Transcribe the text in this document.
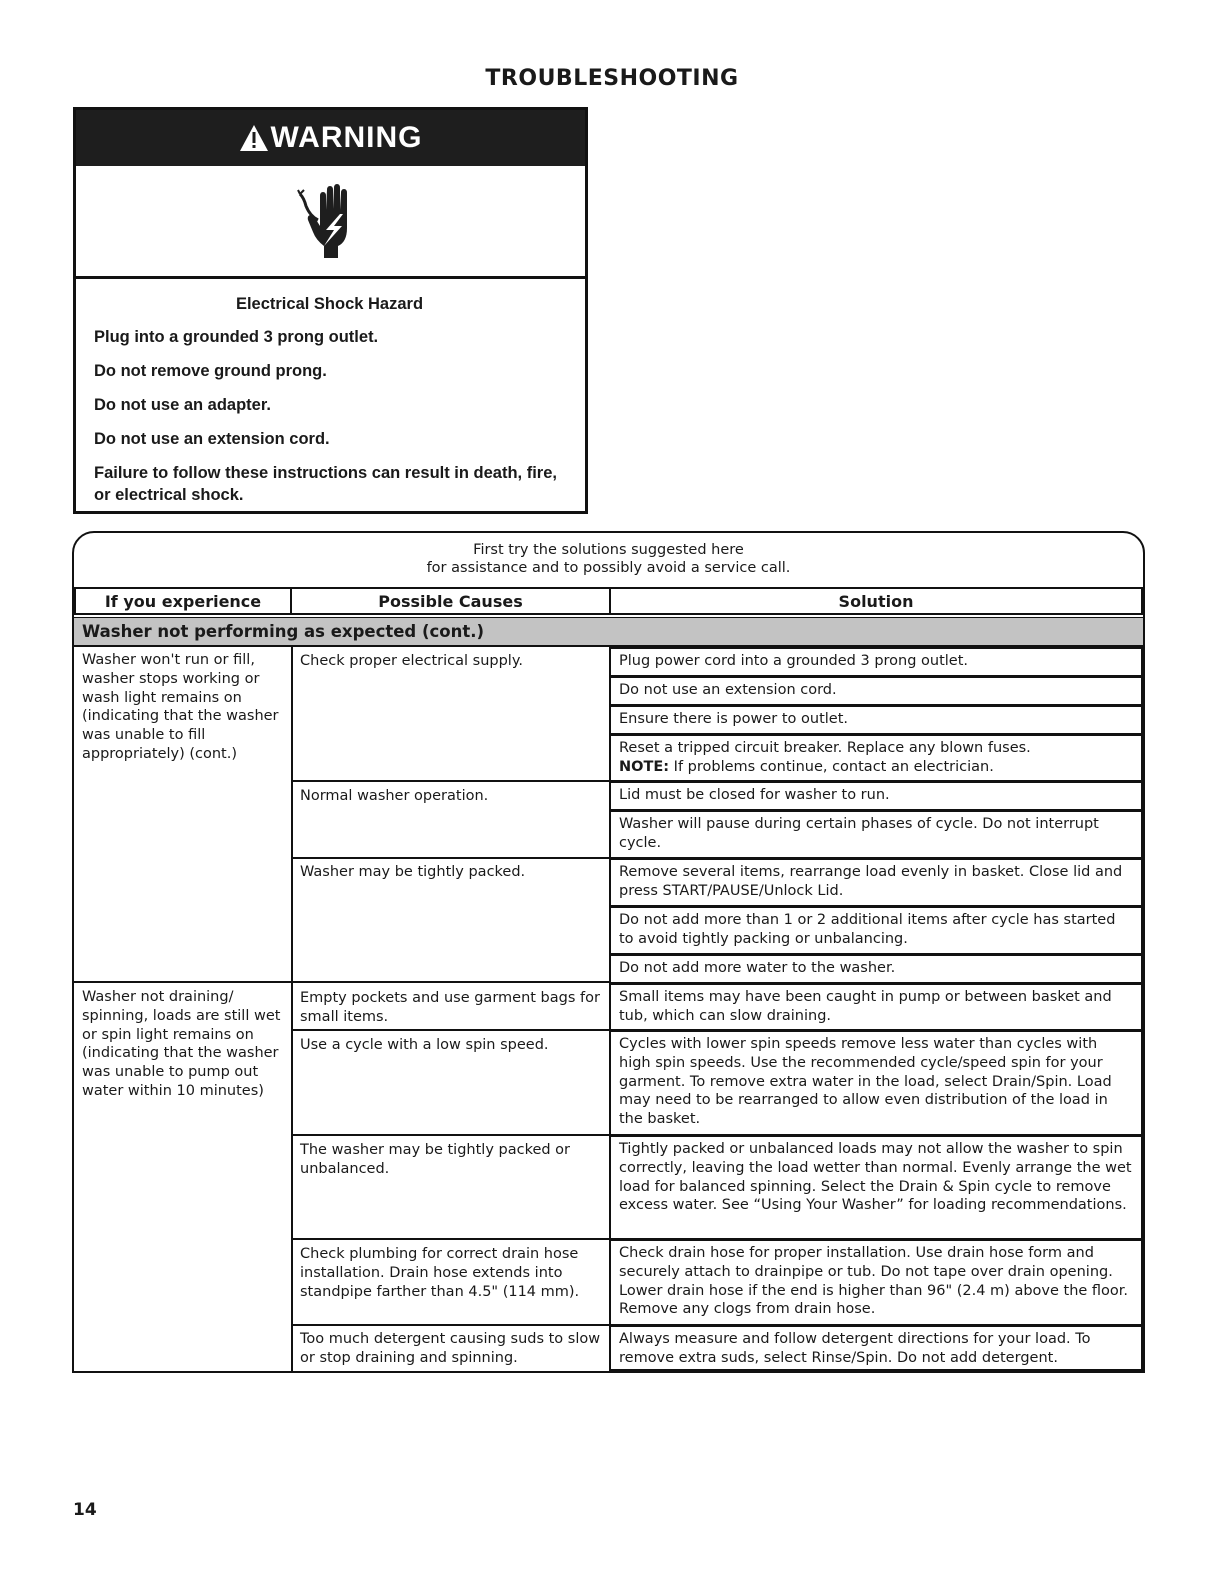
TROUBLESHOOTING
WARNING
Electrical Shock Hazard
Plug into a grounded 3 prong outlet.
Do not remove ground prong.
Do not use an adapter.
Do not use an extension cord.
Failure to follow these instructions can result in death, fire, or electrical shock.
First try the solutions suggested here
for assistance and to possibly avoid a service call.
If you experience	Possible Causes	Solution
Washer not performing as expected (cont.)
Washer won't run or fill, washer stops working or wash light remains on (indicating that the washer was unable to fill appropriately) (cont.)
Washer not draining/ spinning, loads are still wet or spin light remains on (indicating that the washer was unable to pump out water within 10 minutes)
Check proper electrical supply.
Normal washer operation.
Washer may be tightly packed.
Empty pockets and use garment bags for small items.
Use a cycle with a low spin speed.
The washer may be tightly packed or unbalanced.
Check plumbing for correct drain hose installation. Drain hose extends into standpipe farther than 4.5" (114 mm).
Too much detergent causing suds to slow or stop draining and spinning.
Plug power cord into a grounded 3 prong outlet.
Do not use an extension cord.
Ensure there is power to outlet.
Reset a tripped circuit breaker. Replace any blown fuses.
NOTE: If problems continue, contact an electrician.
Lid must be closed for washer to run.
Washer will pause during certain phases of cycle. Do not interrupt cycle.
Remove several items, rearrange load evenly in basket. Close lid and press START/PAUSE/Unlock Lid.
Do not add more than 1 or 2 additional items after cycle has started to avoid tightly packing or unbalancing.
Do not add more water to the washer.
Small items may have been caught in pump or between basket and tub, which can slow draining.
Cycles with lower spin speeds remove less water than cycles with high spin speeds. Use the recommended cycle/speed spin for your garment. To remove extra water in the load, select Drain/Spin. Load may need to be rearranged to allow even distribution of the load in the basket.
Tightly packed or unbalanced loads may not allow the washer to spin correctly, leaving the load wetter than normal. Evenly arrange the wet load for balanced spinning. Select the Drain & Spin cycle to remove excess water. See “Using Your Washer” for loading recommendations.
Check drain hose for proper installation. Use drain hose form and securely attach to drainpipe or tub. Do not tape over drain opening. Lower drain hose if the end is higher than 96" (2.4 m) above the floor. Remove any clogs from drain hose.
Always measure and follow detergent directions for your load. To remove extra suds, select Rinse/Spin. Do not add detergent.
14
